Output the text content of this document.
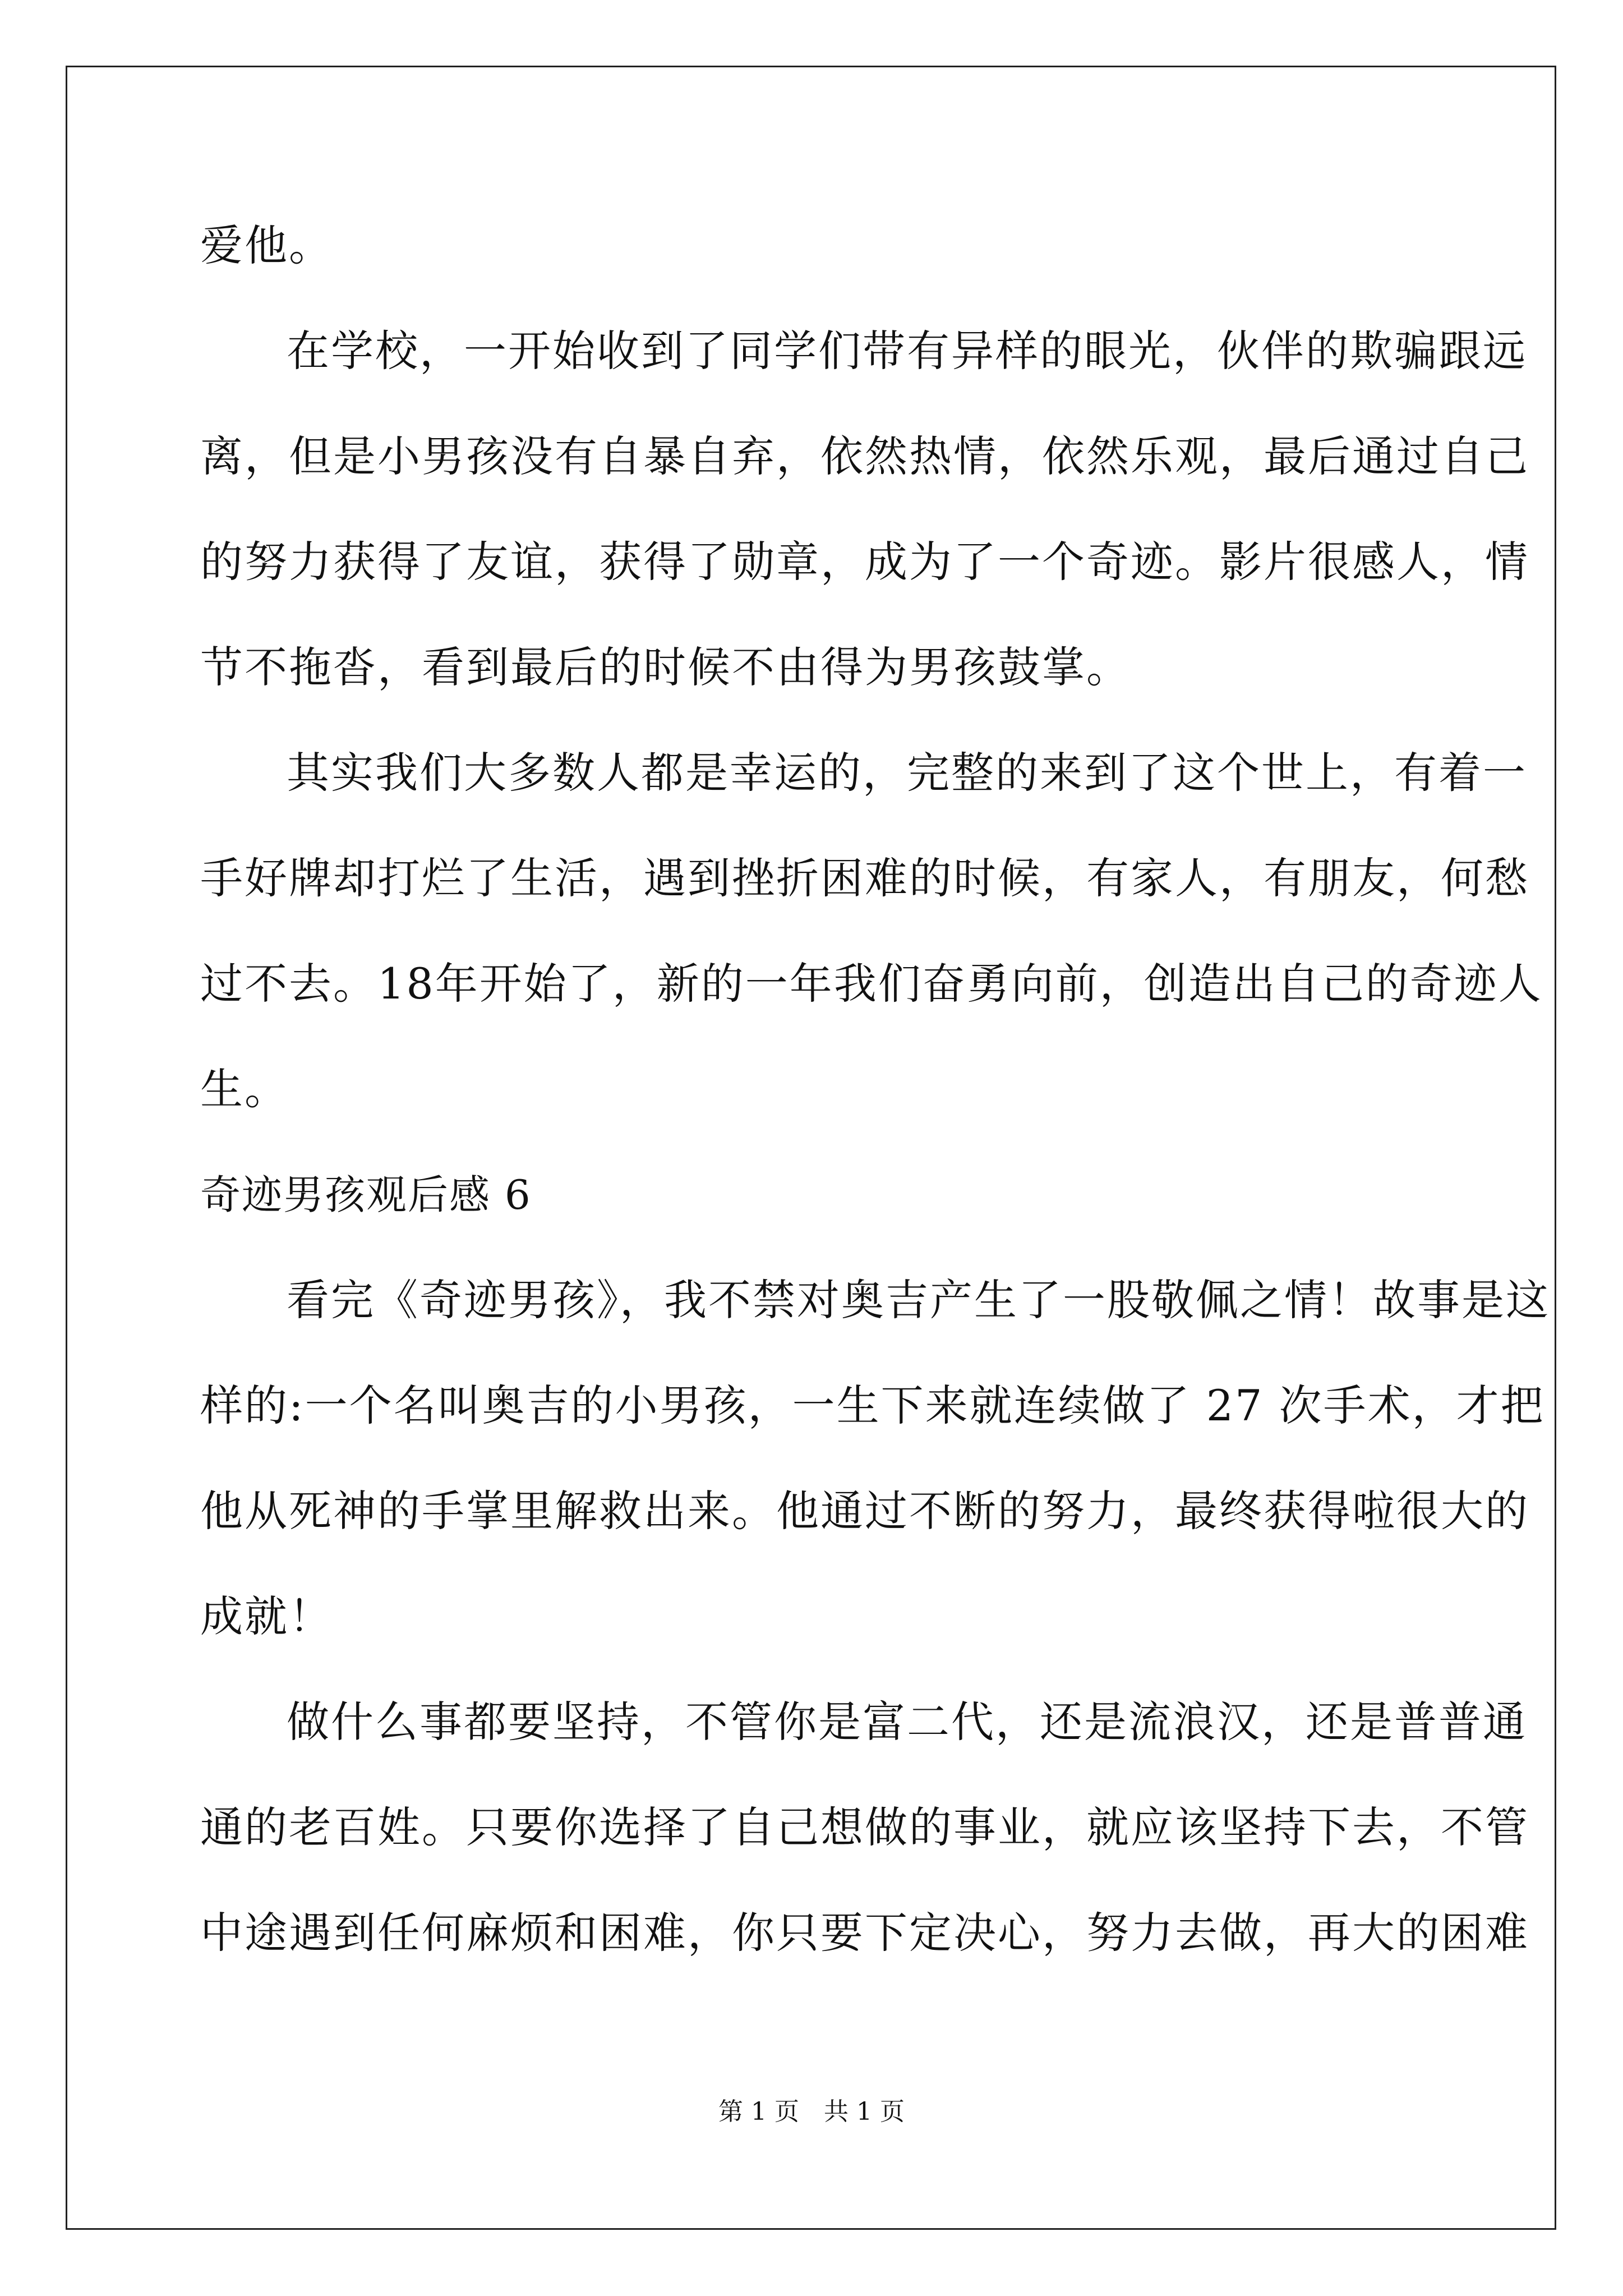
爱他。
在学校，一开始收到了同学们带有异样的眼光，伙伴的欺骗跟远
离，但是小男孩没有自暴自弃，依然热情，依然乐观，最后通过自己
的努力获得了友谊，获得了勋章，成为了一个奇迹。影片很感人，情
节不拖沓，看到最后的时候不由得为男孩鼓掌。
其实我们大多数人都是幸运的，完整的来到了这个世上，有着一
手好牌却打烂了生活，遇到挫折困难的时候，有家人，有朋友，何愁
过不去。18年开始了，新的一年我们奋勇向前，创造出自己的奇迹人
生。
奇迹男孩观后感 6
看完《奇迹男孩》，我不禁对奥吉产生了一股敬佩之情！故事是这
样的:一个名叫奥吉的小男孩，一生下来就连续做了 27 次手术，才把
他从死神的手掌里解救出来。他通过不断的努力，最终获得啦很大的
成就！
做什么事都要坚持，不管你是富二代，还是流浪汉，还是普普通
通的老百姓。只要你选择了自己想做的事业，就应该坚持下去，不管
中途遇到任何麻烦和困难，你只要下定决心，努力去做，再大的困难
第 1 页　共 1 页
